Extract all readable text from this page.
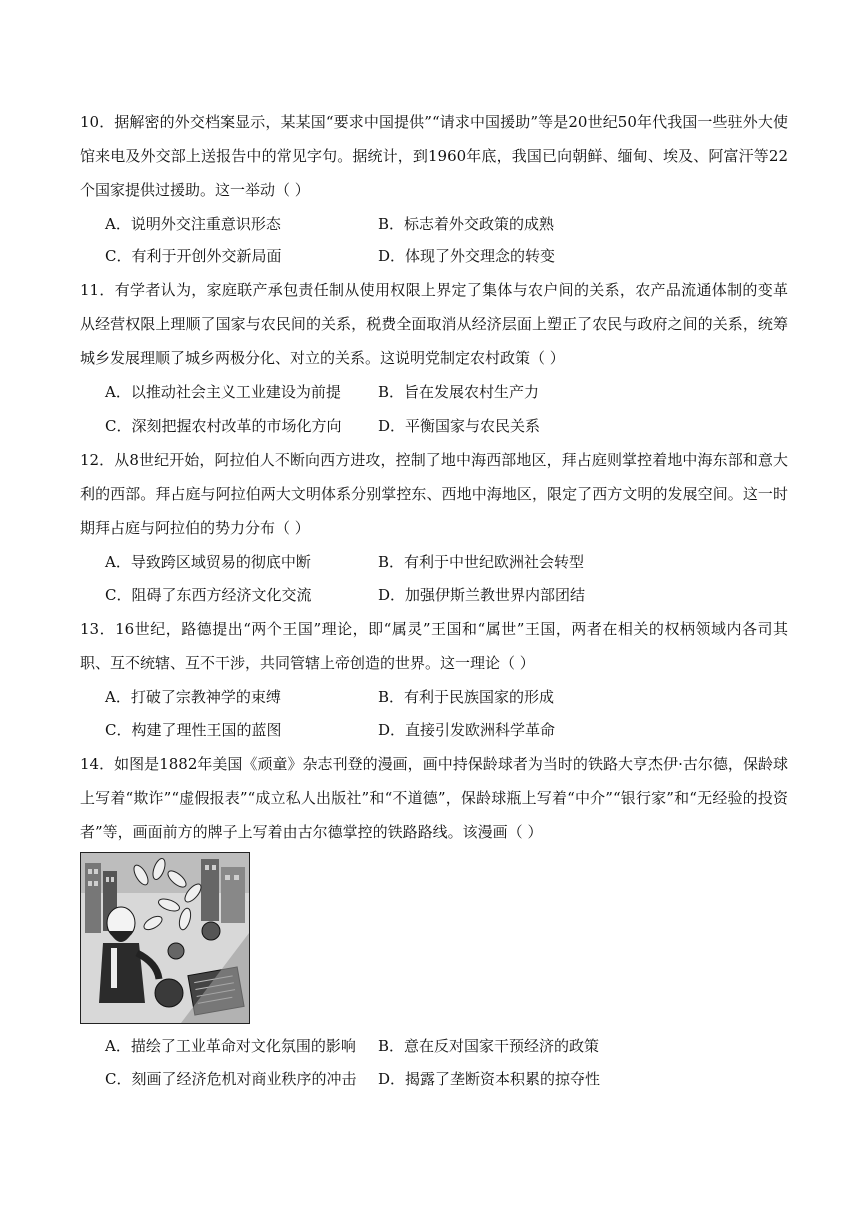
10．据解密的外交档案显示，某某国“要求中国提供”“请求中国援助”等是20世纪50年代我国一些驻外大使馆来电及外交部上送报告中的常见字句。据统计，到1960年底，我国已向朝鲜、缅甸、埃及、阿富汗等22个国家提供过援助。这一举动（ ）

A．说明外交注重意识形态	B．标志着外交政策的成熟
C．有利于开创外交新局面	D．体现了外交理念的转变

11．有学者认为，家庭联产承包责任制从使用权限上界定了集体与农户间的关系，农产品流通体制的变革从经营权限上理顺了国家与农民间的关系，税费全面取消从经济层面上塑正了农民与政府之间的关系，统筹城乡发展理顺了城乡两极分化、对立的关系。这说明党制定农村政策（ ）

A．以推动社会主义工业建设为前提 B．旨在发展农村生产力
C．深刻把握农村改革的市场化方向 D．平衡国家与农民关系

12．从8世纪开始，阿拉伯人不断向西方进攻，控制了地中海西部地区，拜占庭则掌控着地中海东部和意大利的西部。拜占庭与阿拉伯两大文明体系分别掌控东、西地中海地区，限定了西方文明的发展空间。这一时期拜占庭与阿拉伯的势力分布（ ）

A．导致跨区域贸易的彻底中断	B．有利于中世纪欧洲社会转型
C．阻碍了东西方经济文化交流	D．加强伊斯兰教世界内部团结

13．16世纪，路德提出“两个王国”理论，即“属灵”王国和“属世”王国，两者在相关的权柄领域内各司其职、互不统辖、互不干涉，共同管辖上帝创造的世界。这一理论（ ）

A．打破了宗教神学的束缚	B．有利于民族国家的形成
C．构建了理性王国的蓝图	D．直接引发欧洲科学革命

14．如图是1882年美国《顽童》杂志刊登的漫画，画中持保龄球者为当时的铁路大亨杰伊·古尔德，保龄球上写着“欺诈”“虚假报表”“成立私人出版社”和“不道德”，保龄球瓶上写着“中介”“银行家”和“无经验的投资者”等，画面前方的牌子上写着由古尔德掌控的铁路路线。该漫画（ ）

A．描绘了工业革命对文化氛围的影响 B．意在反对国家干预经济的政策
C．刻画了经济危机对商业秩序的冲击 D．揭露了垄断资本积累的掠夺性
